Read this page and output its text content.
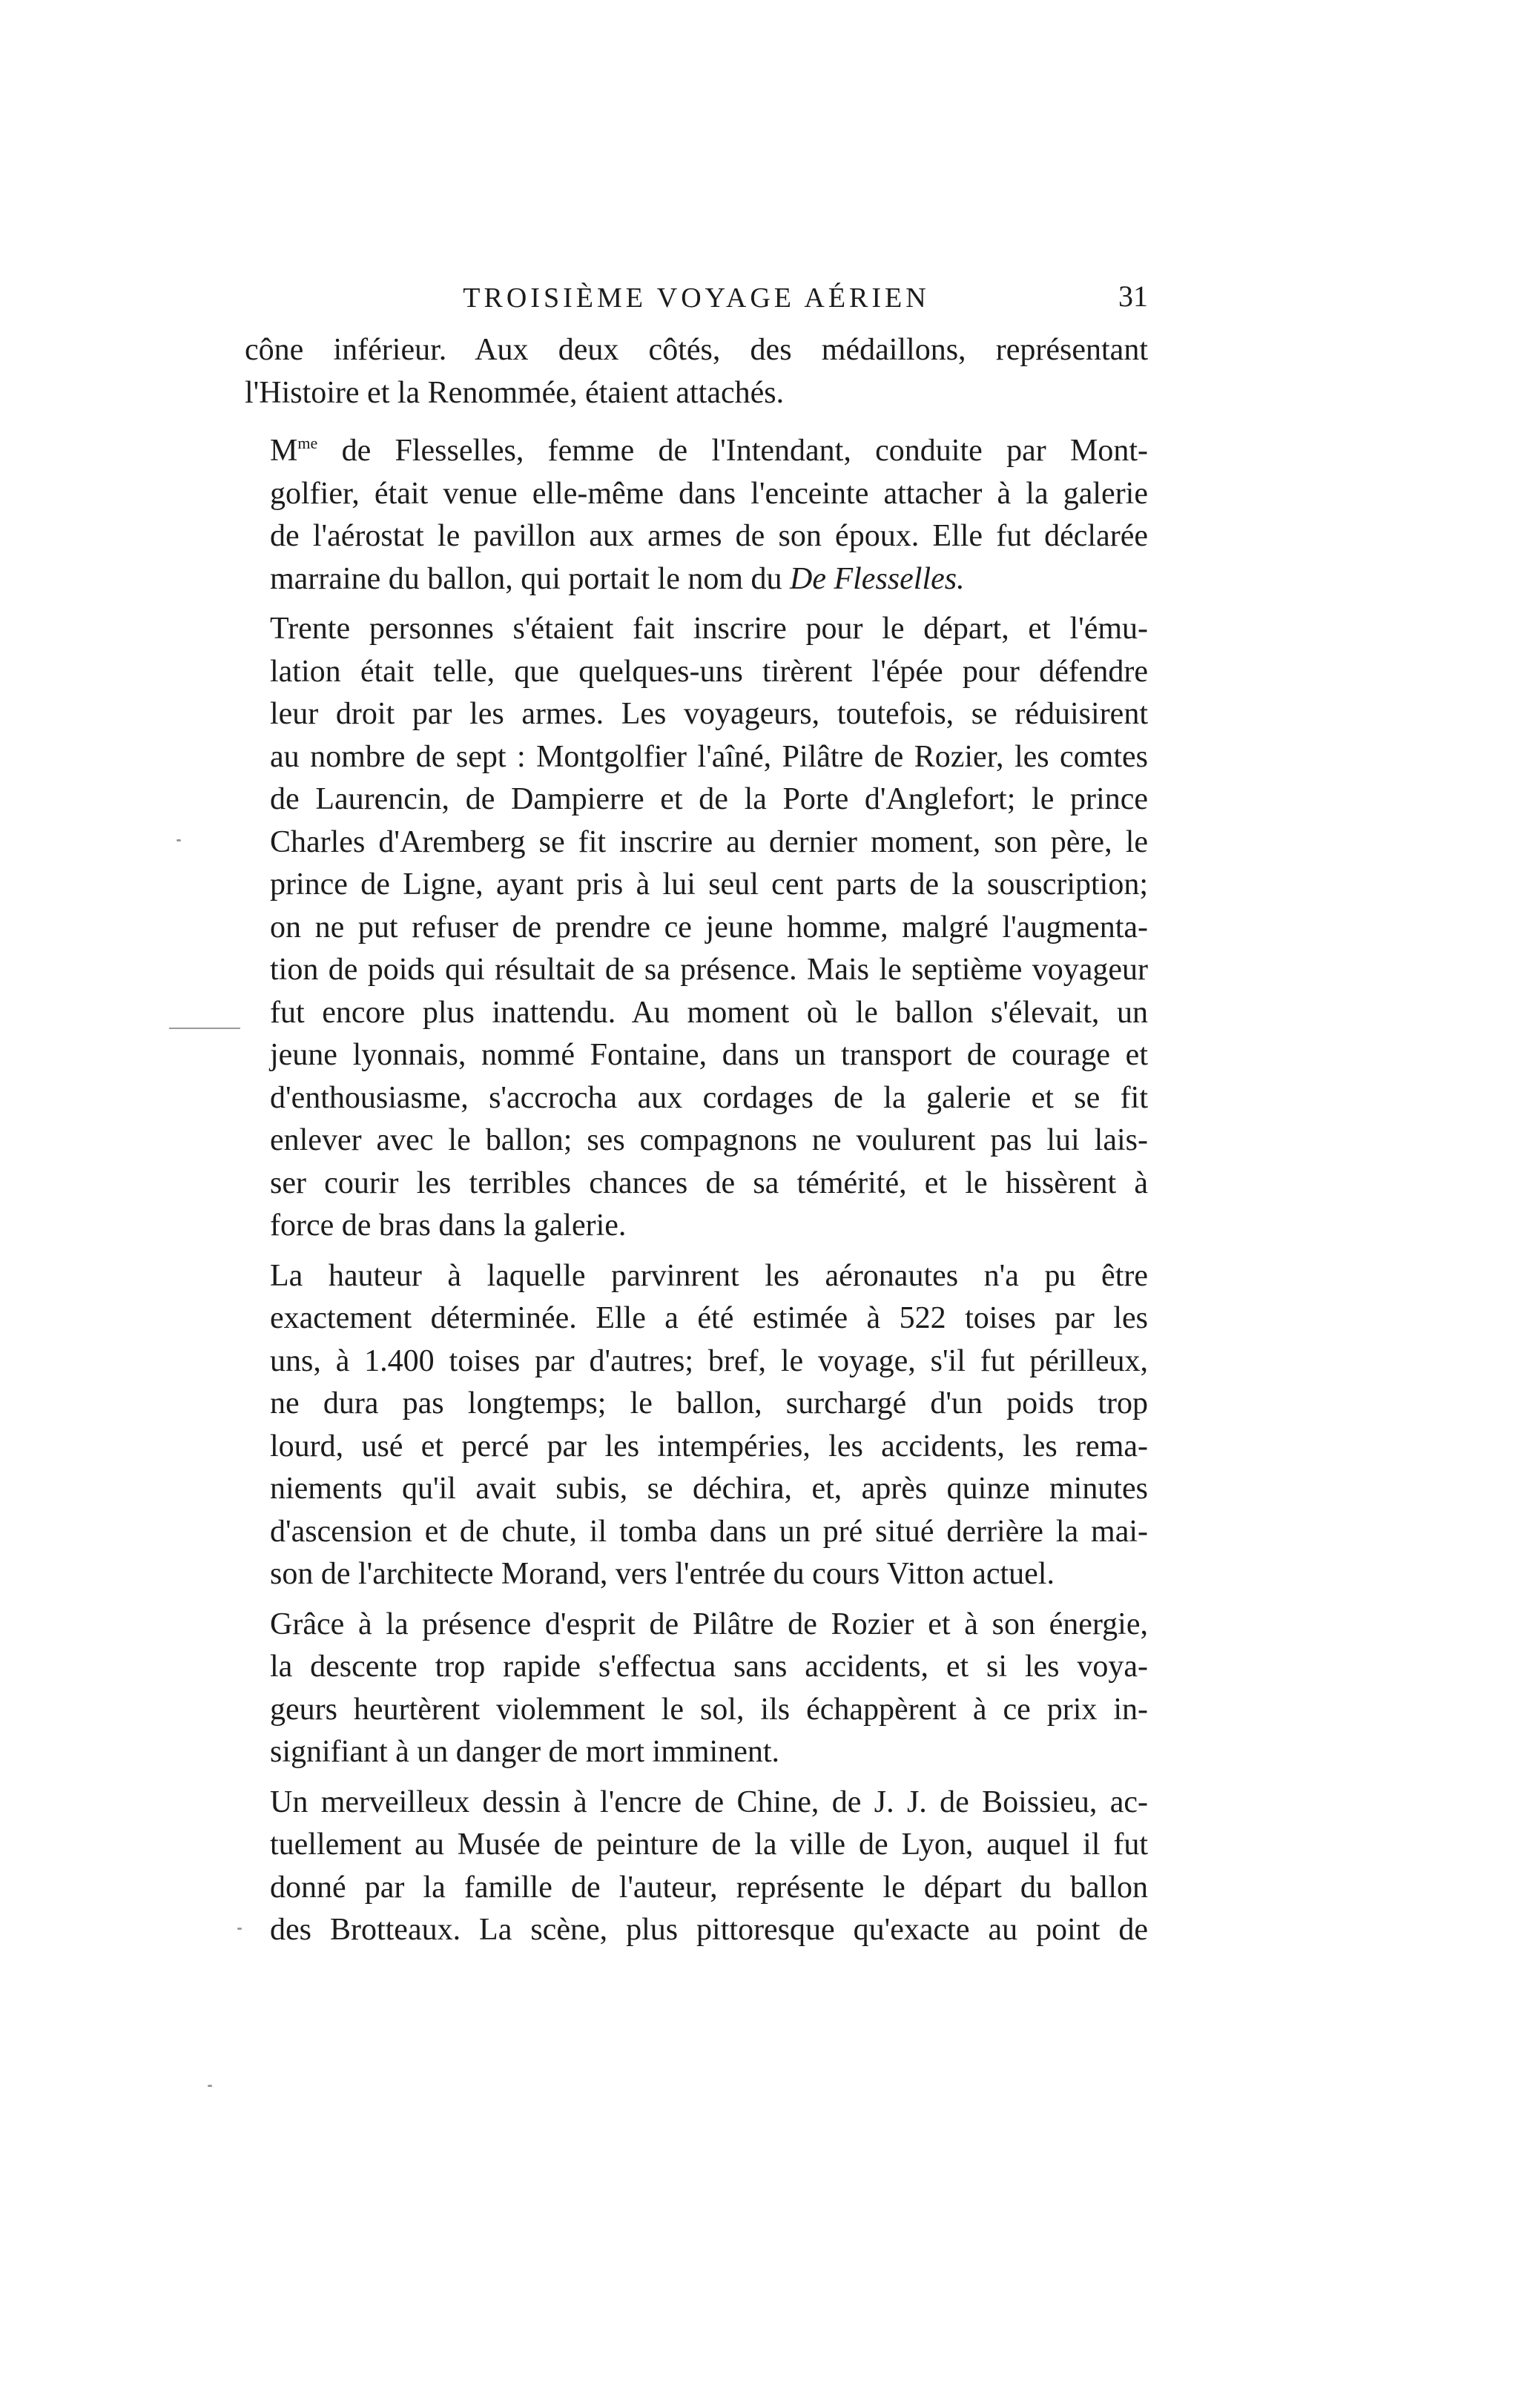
TROISIÈME VOYAGE AÉRIEN	31

cône inférieur. Aux deux côtés, des médaillons, représentant
l'Histoire et la Renommée, étaient attachés.

$M^{me}$ de Flesselles, femme de l'Intendant, conduite par Mont-
golfier, était venue elle-même dans l'enceinte attacher à la galerie
de l'aérostat le pavillon aux armes de son époux. Elle fut déclarée
marraine du ballon, qui portait le nom du De Flesselles.

Trente personnes s'étaient fait inscrire pour le départ, et l'ému-
lation était telle, que quelques-uns tirèrent l'épée pour défendre
leur droit par les armes. Les voyageurs, toutefois, se réduisirent
au nombre de sept : Montgolfier l'aîné, Pilâtre de Rozier, les comtes
de Laurencin, de Dampierre et de la Porte d'Anglefort; le prince
Charles d'Aremberg se fit inscrire au dernier moment, son père, le
prince de Ligne, ayant pris à lui seul cent parts de la souscription;
on ne put refuser de prendre ce jeune homme, malgré l'augmenta-
tion de poids qui résultait de sa présence. Mais le septième voyageur
fut encore plus inattendu. Au moment où le ballon s'élevait, un
jeune lyonnais, nommé Fontaine, dans un transport de courage et
d'enthousiasme, s'accrocha aux cordages de la galerie et se fit
enlever avec le ballon; ses compagnons ne voulurent pas lui lais-
ser courir les terribles chances de sa témérité, et le hissèrent à
force de bras dans la galerie.

La hauteur à laquelle parvinrent les aéronautes n'a pu être
exactement déterminée. Elle a été estimée à 522 toises par les
uns, à 1.400 toises par d'autres; bref, le voyage, s'il fut périlleux,
ne dura pas longtemps; le ballon, surchargé d'un poids trop
lourd, usé et percé par les intempéries, les accidents, les rema-
niements qu'il avait subis, se déchira, et, après quinze minutes
d'ascension et de chute, il tomba dans un pré situé derrière la mai-
son de l'architecte Morand, vers l'entrée du cours Vitton actuel.

Grâce à la présence d'esprit de Pilâtre de Rozier et à son énergie,
la descente trop rapide s'effectua sans accidents, et si les voya-
geurs heurtèrent violemment le sol, ils échappèrent à ce prix in-
signifiant à un danger de mort imminent.

Un merveilleux dessin à l'encre de Chine, de J. J. de Boissieu, ac-
tuellement au Musée de peinture de la ville de Lyon, auquel il fut
donné par la famille de l'auteur, représente le départ du ballon
des Brotteaux. La scène, plus pittoresque qu'exacte au point de
